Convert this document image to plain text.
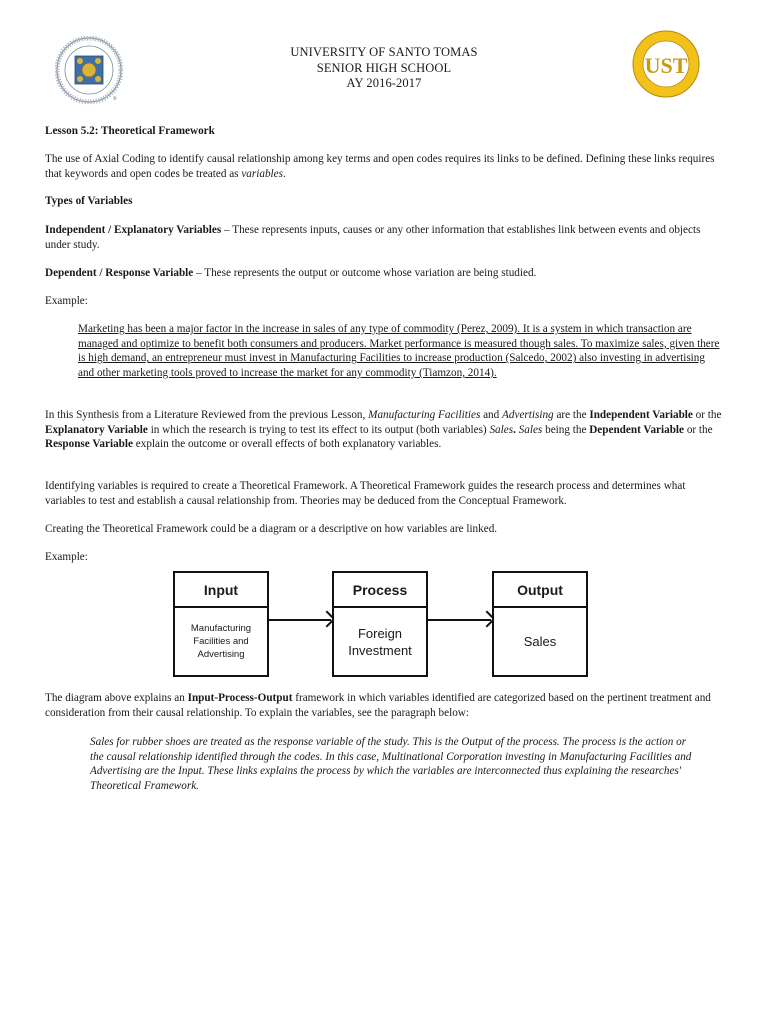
®
UNIVERSITY OF SANTO TOMAS
SENIOR HIGH SCHOOL
AY 2016-2017
UST

Lesson 5.2: Theoretical Framework

The use of Axial Coding to identify causal relationship among key terms and open codes requires its links to be defined. Defining these links requires that keywords and open codes be treated as variables.

Types of Variables

Independent / Explanatory Variables – These represents inputs, causes or any other information that establishes link between events and objects under study.

Dependent / Response Variable – These represents the output or outcome whose variation are being studied.

Example:

Marketing has been a major factor in the increase in sales of any type of commodity (Perez, 2009). It is a system in which transaction are managed and optimize to benefit both consumers and producers. Market performance is measured though sales. To maximize sales, given there is high demand, an entrepreneur must invest in Manufacturing Facilities to increase production (Salcedo, 2002) also investing in advertising and other marketing tools proved to increase the market for any commodity (Tiamzon, 2014).

In this Synthesis from a Literature Reviewed from the previous Lesson, Manufacturing Facilities and Advertising are the Independent Variable or the Explanatory Variable in which the research is trying to test its effect to its output (both variables) Sales. Sales being the Dependent Variable or the Response Variable explain the outcome or overall effects of both explanatory variables.

Identifying variables is required to create a Theoretical Framework. A Theoretical Framework guides the research process and determines what variables to test and establish a causal relationship from. Theories may be deduced from the Conceptual Framework.

Creating the Theoretical Framework could be a diagram or a descriptive on how variables are linked.

Example:

Input
Manufacturing Facilities and Advertising
Process
Foreign Investment
Output
Sales

The diagram above explains an Input-Process-Output framework in which variables identified are categorized based on the pertinent treatment and consideration from their causal relationship. To explain the variables, see the paragraph below:

Sales for rubber shoes are treated as the response variable of the study. This is the Output of the process. The process is the action or the causal relationship identified through the codes. In this case, Multinational Corporation investing in Manufacturing Facilities and Advertising are the Input. These links explains the process by which the variables are interconnected thus explaining the researches' Theoretical Framework.
